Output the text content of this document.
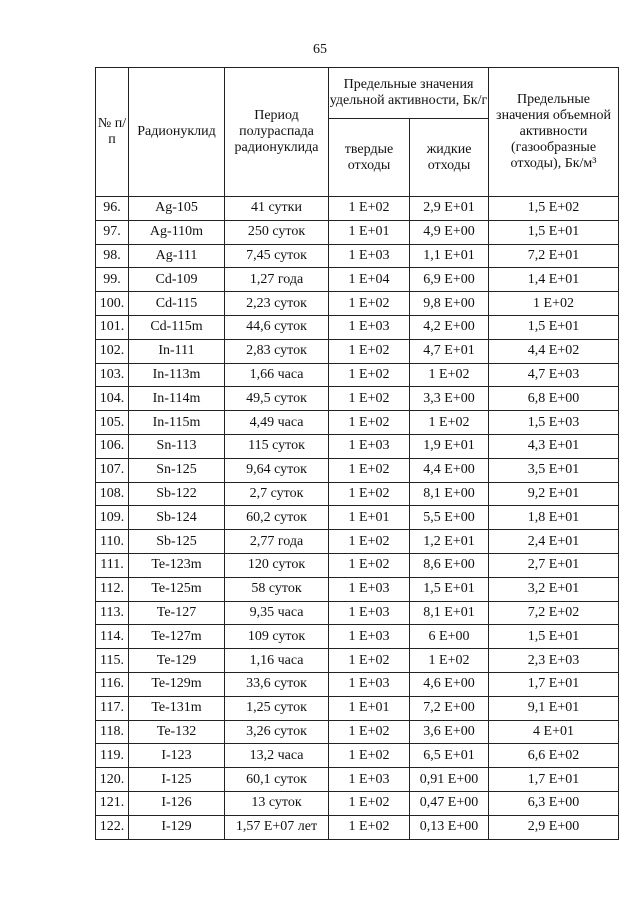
65
№ п/п	Радионуклид	Период полураспада радионуклида	Предельные значения удельной активности, Бк/г		Предельные значения объемной активности (газообразные отходы), Бк/м³
			твердые отходы	жидкие отходы	
96.	Ag-105	41 сутки	1 E+02	2,9 E+01	1,5 E+02
97.	Ag-110m	250 суток	1 E+01	4,9 E+00	1,5 E+01
98.	Ag-111	7,45 суток	1 E+03	1,1 E+01	7,2 E+01
99.	Cd-109	1,27 года	1 E+04	6,9 E+00	1,4 E+01
100.	Cd-115	2,23 суток	1 E+02	9,8 E+00	1 E+02
101.	Cd-115m	44,6 суток	1 E+03	4,2 E+00	1,5 E+01
102.	In-111	2,83 суток	1 E+02	4,7 E+01	4,4 E+02
103.	In-113m	1,66 часа	1 E+02	1 E+02	4,7 E+03
104.	In-114m	49,5 суток	1 E+02	3,3 E+00	6,8 E+00
105.	In-115m	4,49 часа	1 E+02	1 E+02	1,5 E+03
106.	Sn-113	115 суток	1 E+03	1,9 E+01	4,3 E+01
107.	Sn-125	9,64 суток	1 E+02	4,4 E+00	3,5 E+01
108.	Sb-122	2,7 суток	1 E+02	8,1 E+00	9,2 E+01
109.	Sb-124	60,2 суток	1 E+01	5,5 E+00	1,8 E+01
110.	Sb-125	2,77 года	1 E+02	1,2 E+01	2,4 E+01
111.	Te-123m	120 суток	1 E+02	8,6 E+00	2,7 E+01
112.	Te-125m	58 суток	1 E+03	1,5 E+01	3,2 E+01
113.	Te-127	9,35 часа	1 E+03	8,1 E+01	7,2 E+02
114.	Te-127m	109 суток	1 E+03	6 E+00	1,5 E+01
115.	Te-129	1,16 часа	1 E+02	1 E+02	2,3 E+03
116.	Te-129m	33,6 суток	1 E+03	4,6 E+00	1,7 E+01
117.	Te-131m	1,25 суток	1 E+01	7,2 E+00	9,1 E+01
118.	Te-132	3,26 суток	1 E+02	3,6 E+00	4 E+01
119.	I-123	13,2 часа	1 E+02	6,5 E+01	6,6 E+02
120.	I-125	60,1 суток	1 E+03	0,91 E+00	1,7 E+01
121.	I-126	13 суток	1 E+02	0,47 E+00	6,3 E+00
122.	I-129	1,57 E+07 лет	1 E+02	0,13 E+00	2,9 E+00
